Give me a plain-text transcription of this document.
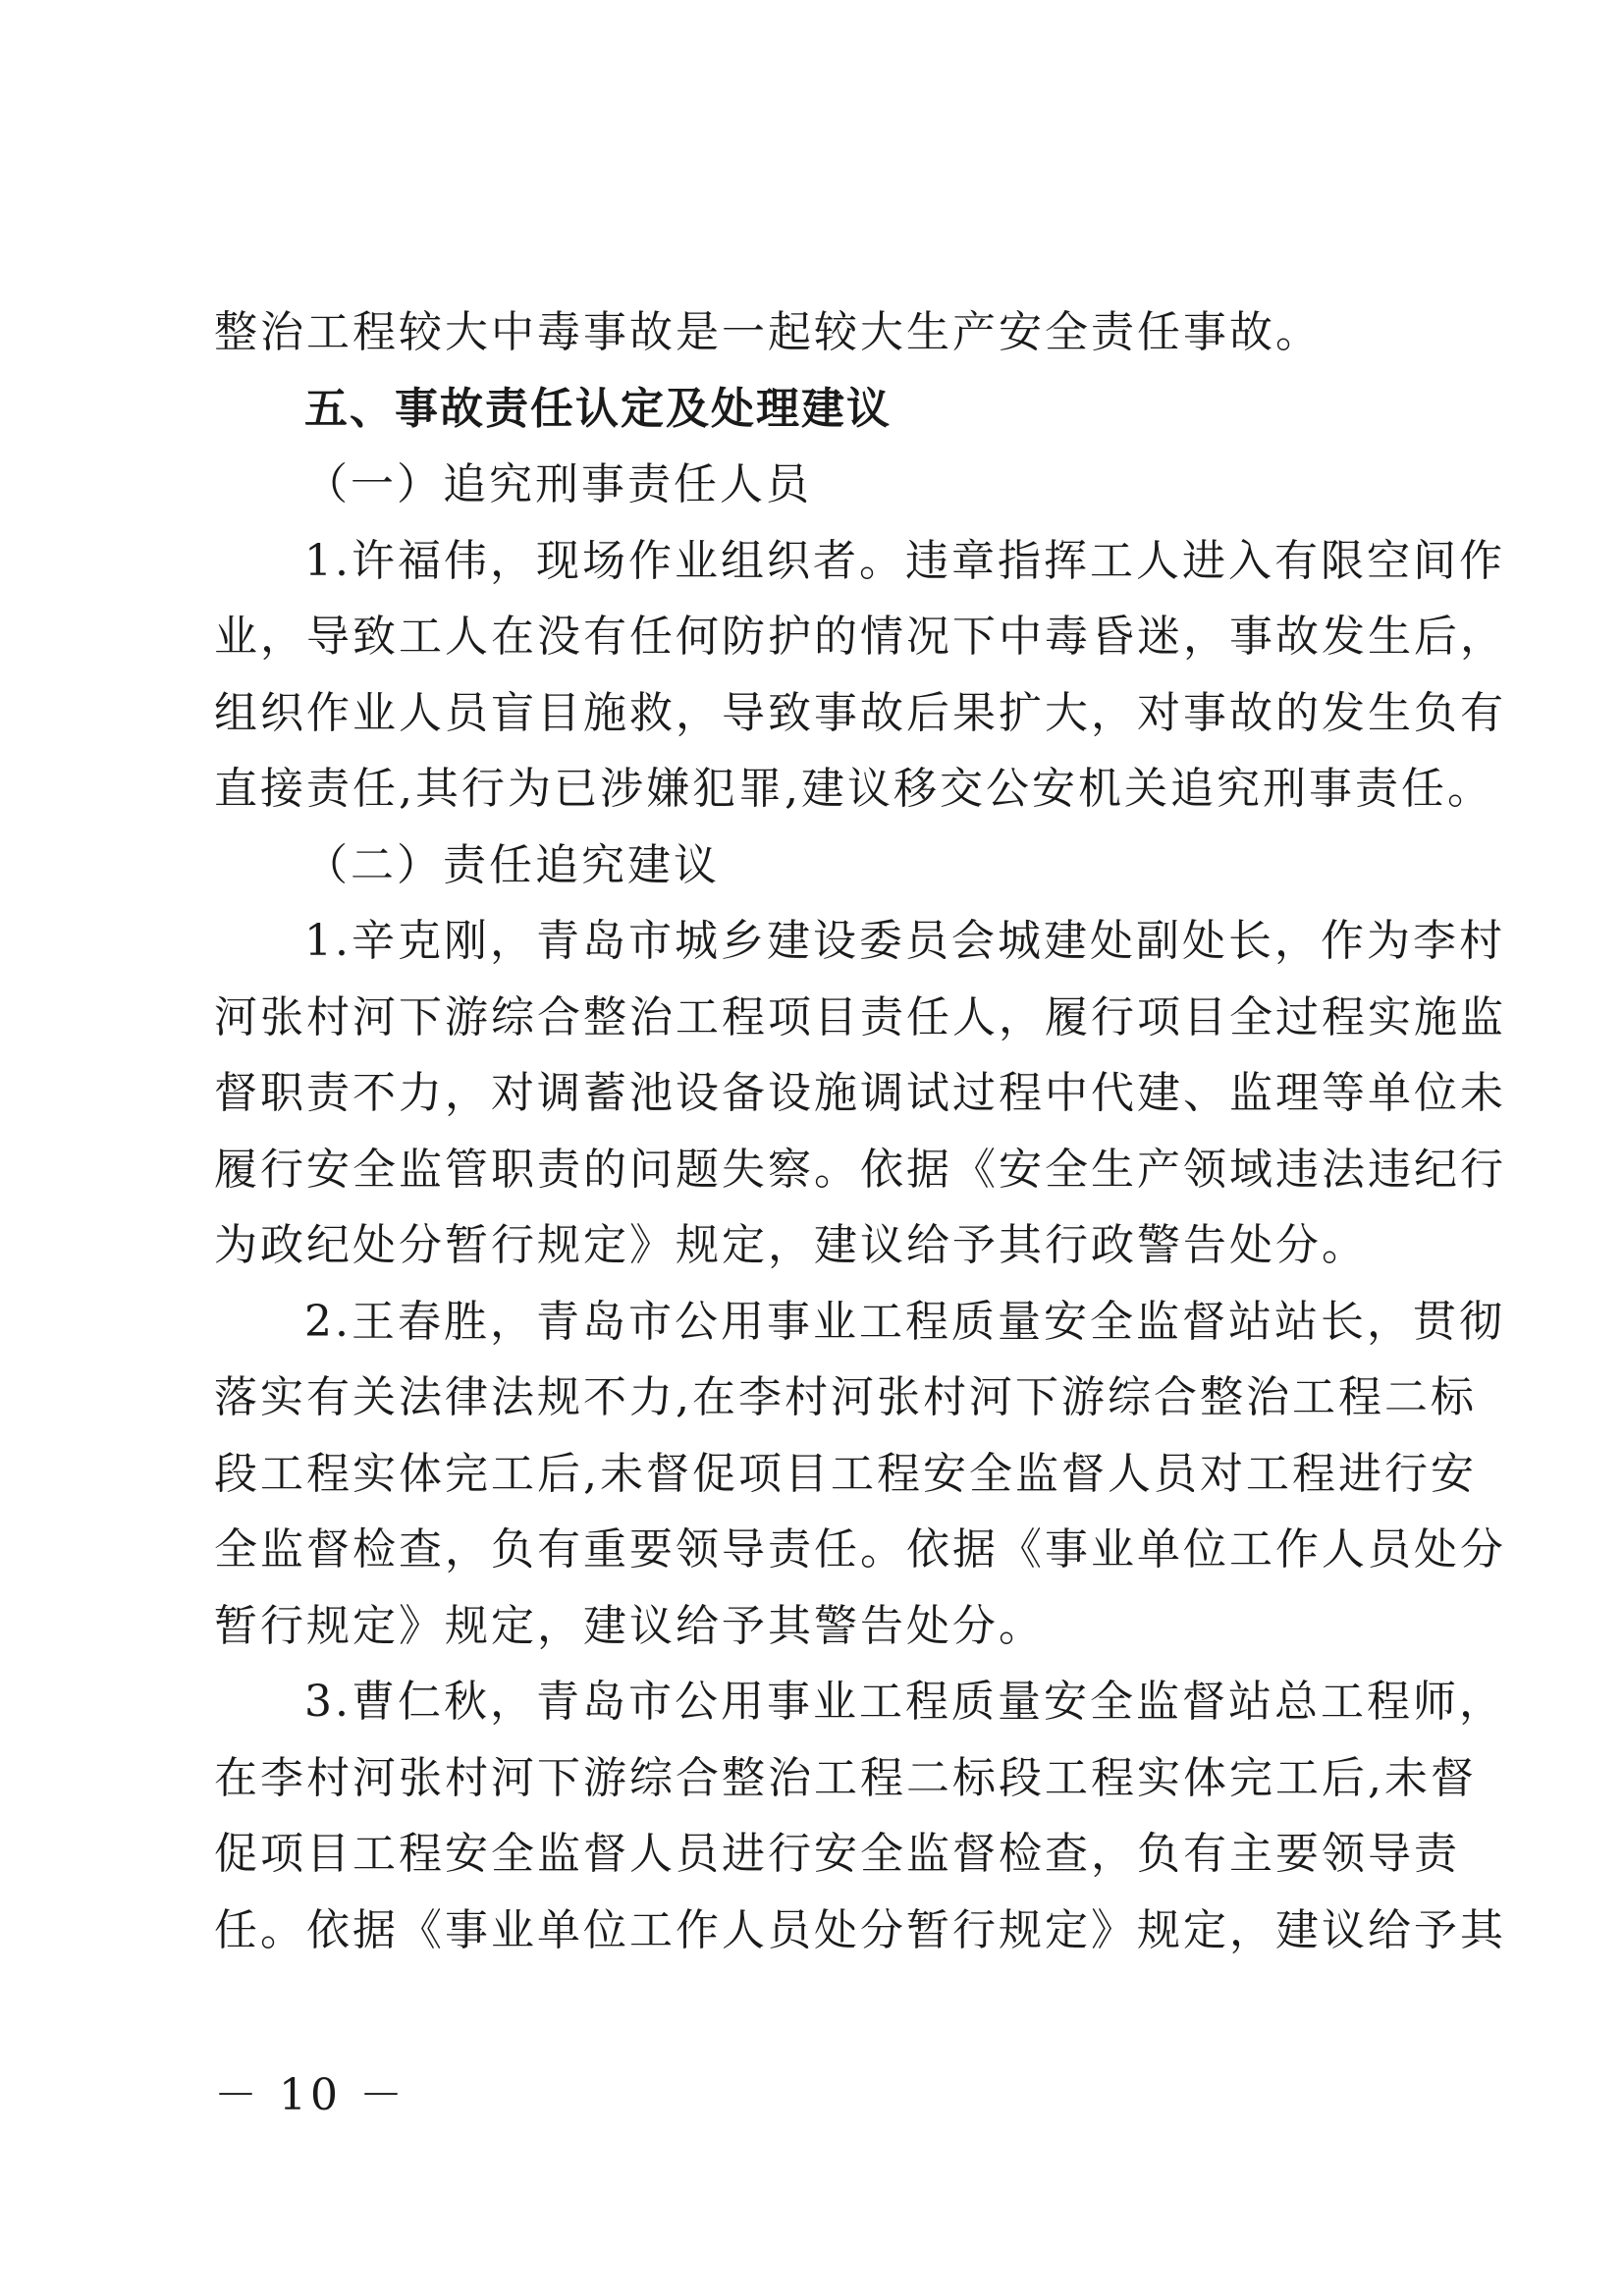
整治工程较大中毒事故是一起较大生产安全责任事故。
五、事故责任认定及处理建议
（一）追究刑事责任人员
1.许福伟，现场作业组织者。违章指挥工人进入有限空间作
业，导致工人在没有任何防护的情况下中毒昏迷，事故发生后，
组织作业人员盲目施救，导致事故后果扩大，对事故的发生负有
直接责任,其行为已涉嫌犯罪,建议移交公安机关追究刑事责任。
（二）责任追究建议
1.辛克刚，青岛市城乡建设委员会城建处副处长，作为李村
河张村河下游综合整治工程项目责任人，履行项目全过程实施监
督职责不力，对调蓄池设备设施调试过程中代建、监理等单位未
履行安全监管职责的问题失察。依据《安全生产领域违法违纪行
为政纪处分暂行规定》规定，建议给予其行政警告处分。
2.王春胜，青岛市公用事业工程质量安全监督站站长，贯彻
落实有关法律法规不力,在李村河张村河下游综合整治工程二标
段工程实体完工后,未督促项目工程安全监督人员对工程进行安
全监督检查，负有重要领导责任。依据《事业单位工作人员处分
暂行规定》规定，建议给予其警告处分。
3.曹仁秋，青岛市公用事业工程质量安全监督站总工程师，
在李村河张村河下游综合整治工程二标段工程实体完工后,未督
促项目工程安全监督人员进行安全监督检查，负有主要领导责
任。依据《事业单位工作人员处分暂行规定》规定，建议给予其
－ 10 －
